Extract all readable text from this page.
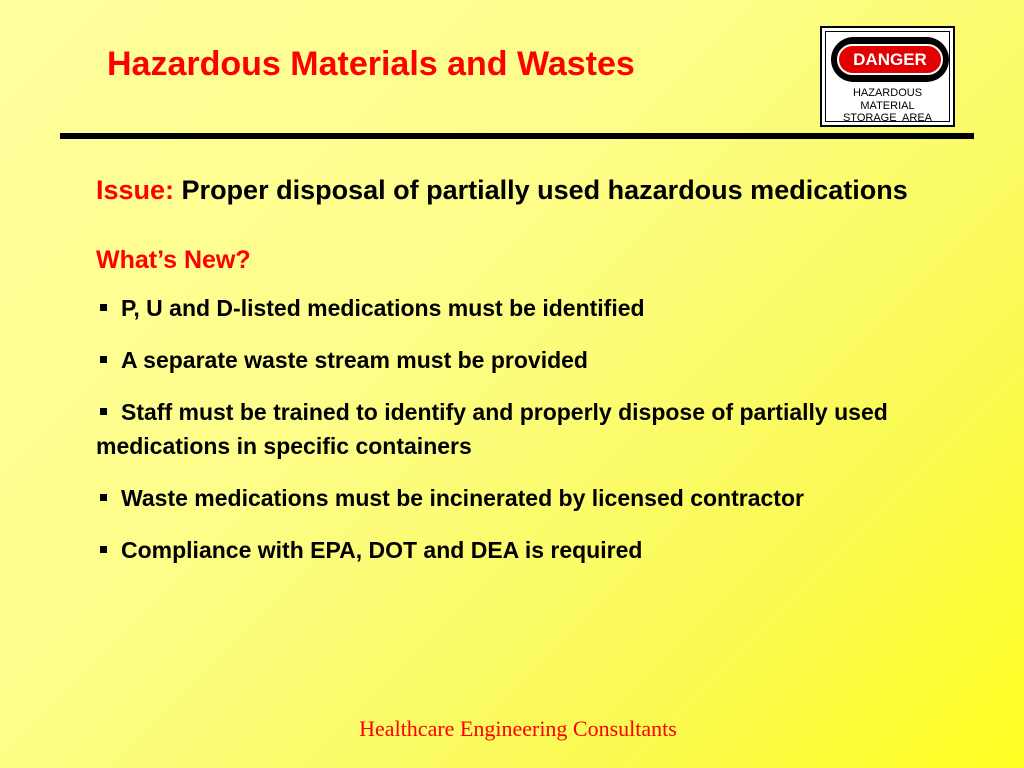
Hazardous Materials and Wastes	DANGER
HAZARDOUS
MATERIAL
STORAGE  AREA

Issue: Proper disposal of partially used hazardous medications

What’s New?

P, U and D-listed medications must be identified
A separate waste stream must be provided
Staff must be trained to identify and properly dispose of partially used medications in specific containers
Waste medications must be incinerated by licensed contractor
Compliance with EPA, DOT and DEA is required
Healthcare Engineering Consultants
